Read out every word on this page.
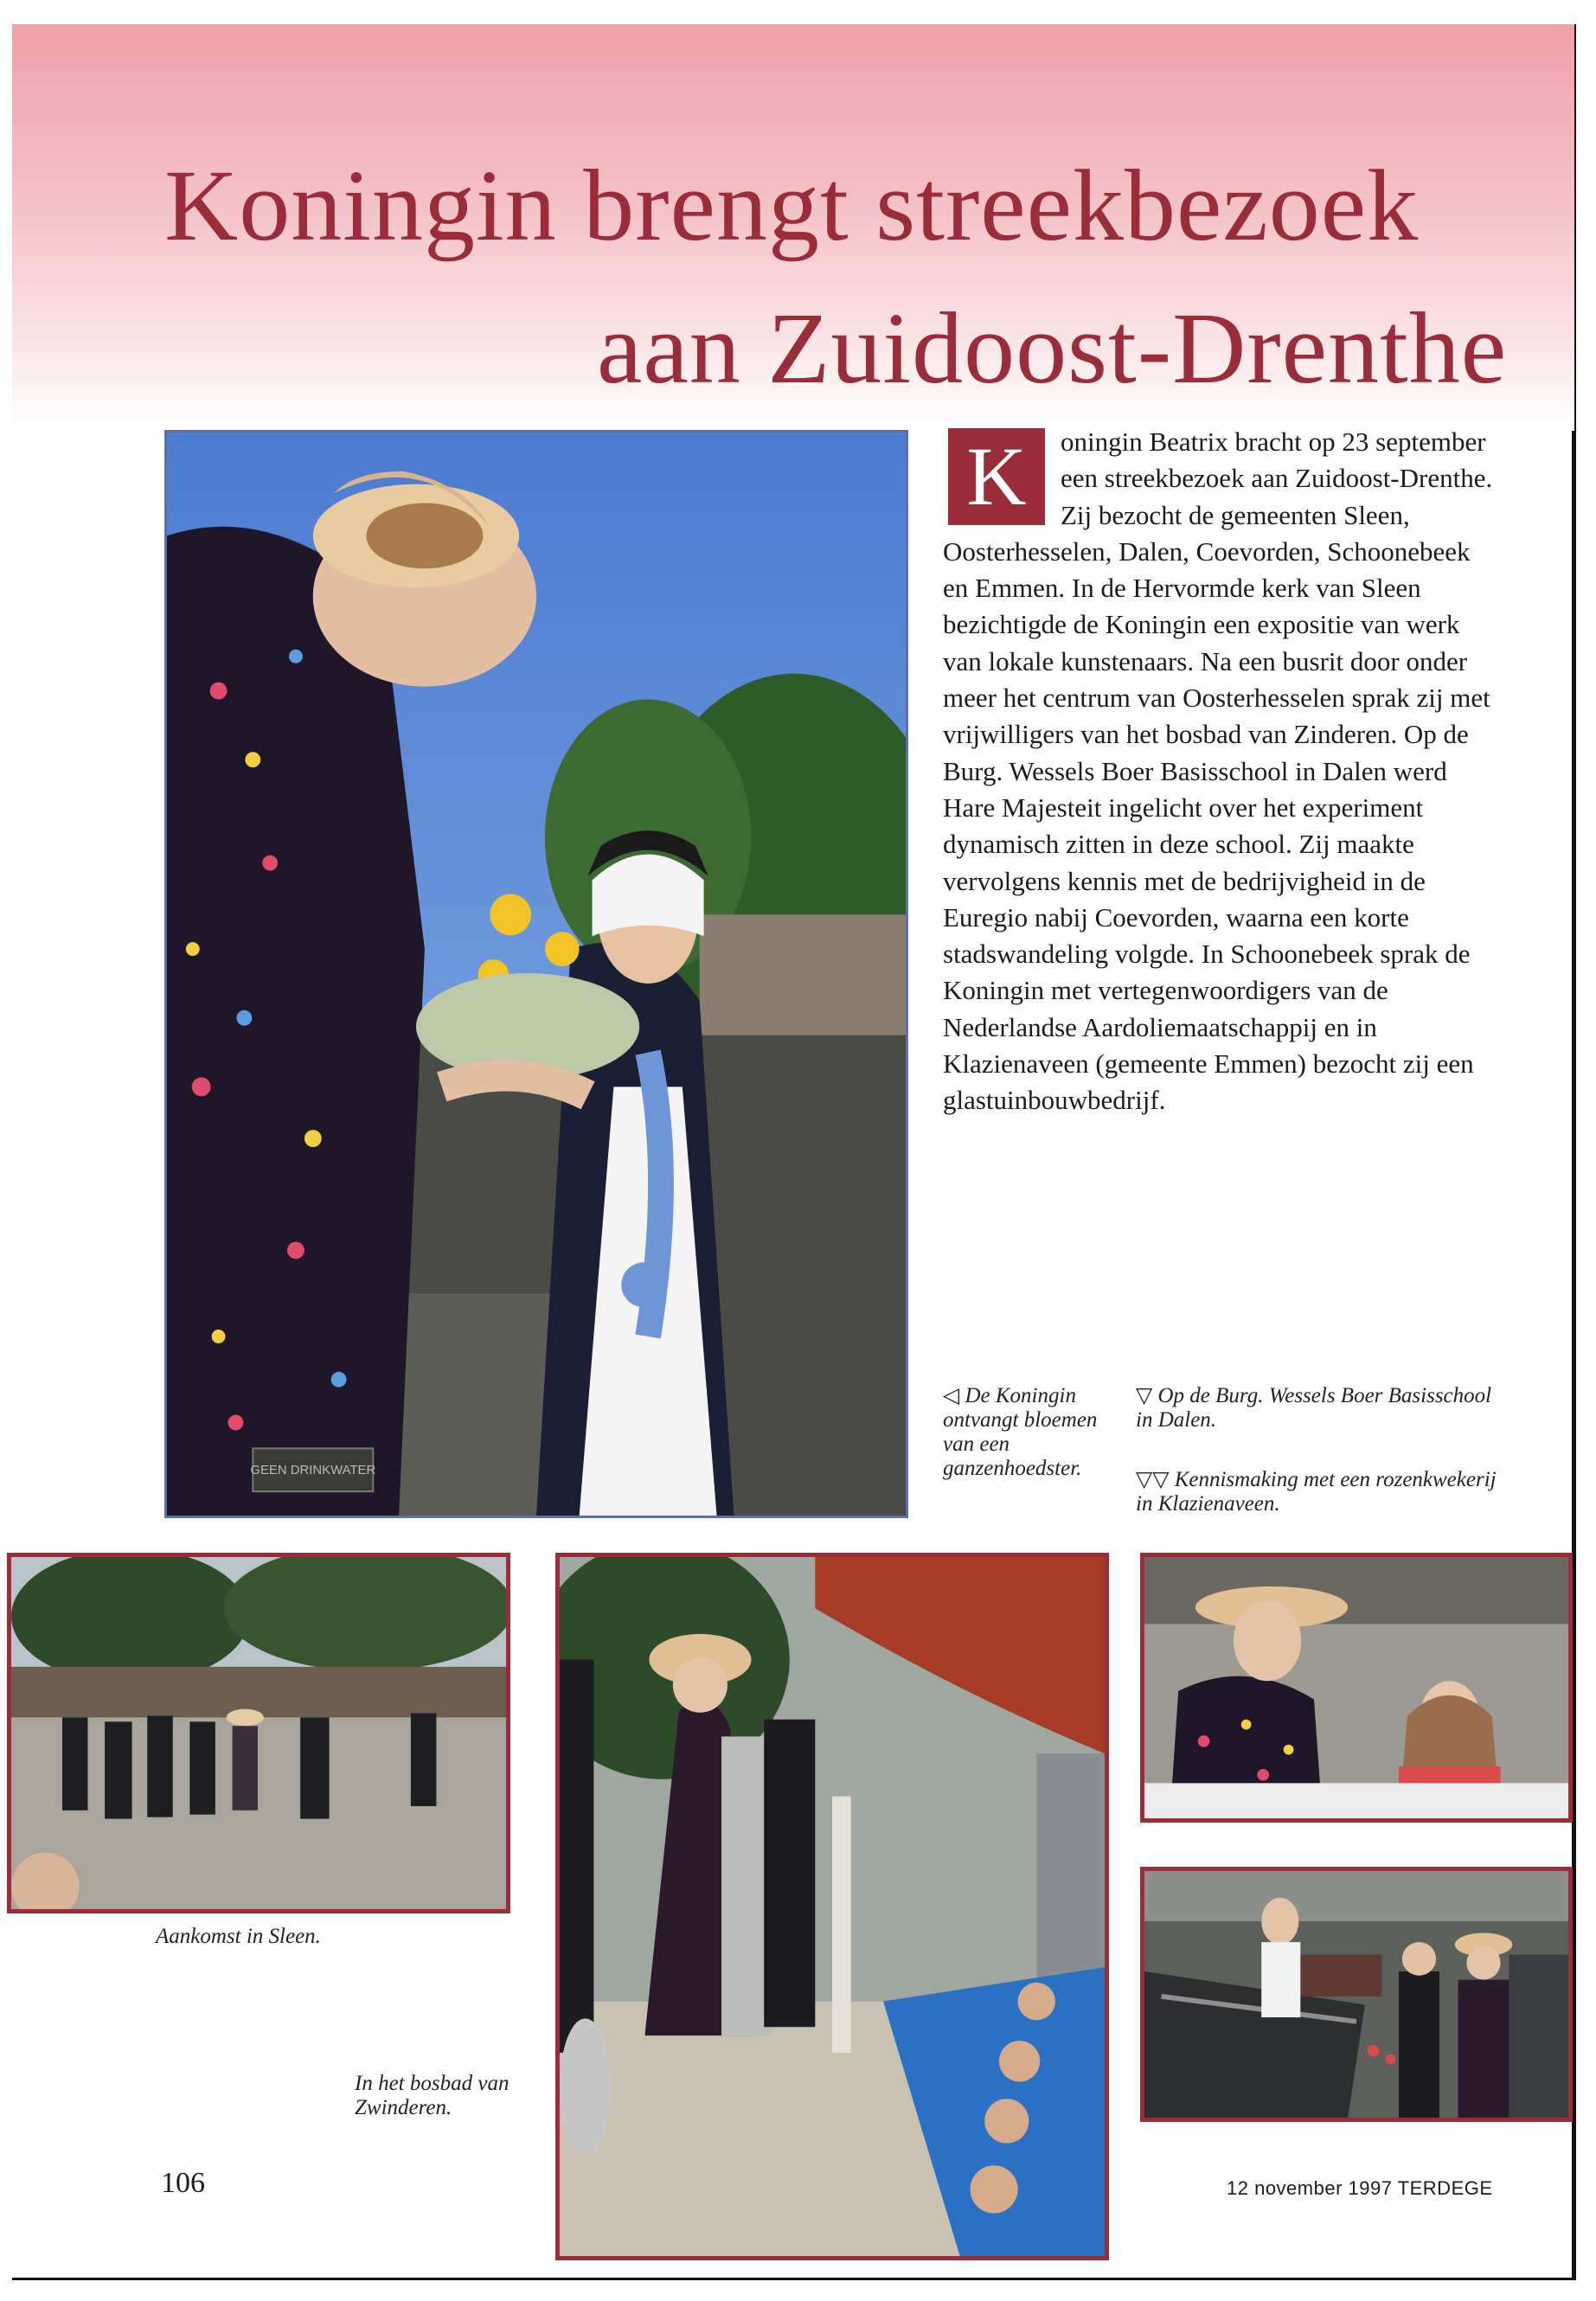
Koningin brengt streekbezoek
aan Zuidoost-Drenthe
GEEN DRINKWATER

K	oningin Beatrix bracht op 23 september een streekbezoek aan Zuidoost-Drenthe. Zij bezocht de gemeenten Sleen, Oosterhesselen, Dalen, Coevorden, Schoonebeek en Emmen. In de Hervormde kerk van Sleen bezichtigde de Koningin een expositie van werk van lokale kunstenaars. Na een busrit door onder meer het centrum van Oosterhesselen sprak zij met vrijwilligers van het bosbad van Zinderen. Op de Burg. Wessels Boer Basisschool in Dalen werd Hare Majesteit ingelicht over het experiment dynamisch zitten in deze school. Zij maakte vervolgens kennis met de bedrijvigheid in de Euregio nabij Coevorden, waarna een korte stadswandeling volgde. In Schoonebeek sprak de Koningin met vertegenwoordigers van de Nederlandse Aardoliemaatschappij en in Klazienaveen (gemeente Emmen) bezocht zij een glastuinbouwbedrijf.

◁ De Koningin ontvangt bloemen van een ganzenhoedster.

▽ Op de Burg. Wessels Boer Basisschool in Dalen.

▽▽ Kennismaking met een rozenkwekerij in Klazienaveen.

Aankomst in Sleen.

In het bosbad van Zwinderen.

106	12 november 1997 TERDEGE
